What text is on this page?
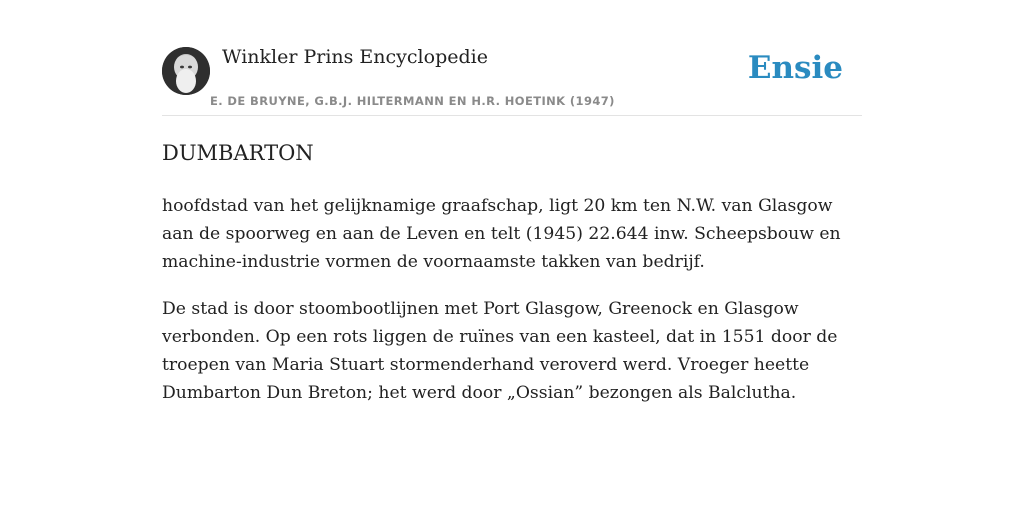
Winkler Prins Encyclopedie
E. DE BRUYNE, G.B.J. HILTERMANN EN H.R. HOETINK (1947)
Ensie
DUMBARTON

hoofdstad van het gelijknamige graafschap, ligt 20 km ten N.W. van Glasgow aan de spoorweg en aan de Leven en telt (1945) 22.644 inw. Scheepsbouw en machine-industrie vormen de voornaamste takken van bedrijf.

De stad is door stoombootlijnen met Port Glasgow, Greenock en Glasgow verbonden. Op een rots liggen de ruïnes van een kasteel, dat in 1551 door de troepen van Maria Stuart stormenderhand veroverd werd. Vroeger heette Dumbarton Dun Breton; het werd door „Ossian” bezongen als Balclutha.
